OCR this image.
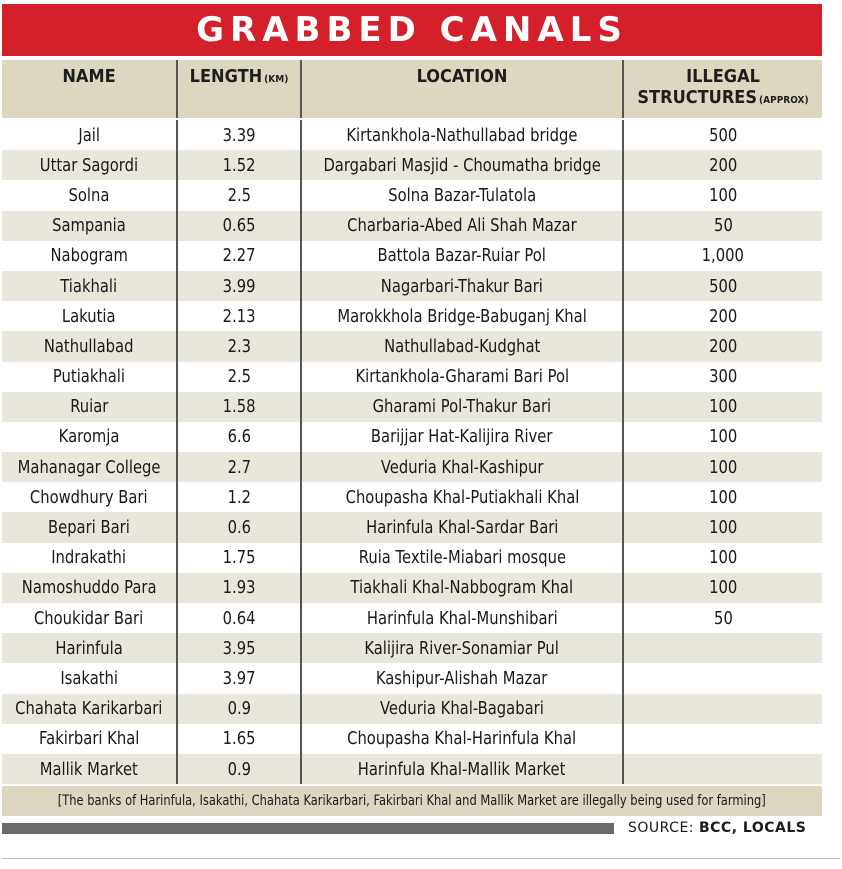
GRABBED CANALS
NAME	LENGTH (KM)	LOCATION	ILLEGAL
STRUCTURES (APPROX)
Jail	3.39	Kirtankhola-Nathullabad bridge	500
Uttar Sagordi	1.52	Dargabari Masjid - Choumatha bridge	200
Solna	2.5	Solna Bazar-Tulatola	100
Sampania	0.65	Charbaria-Abed Ali Shah Mazar	50
Nabogram	2.27	Battola Bazar-Ruiar Pol	1,000
Tiakhali	3.99	Nagarbari-Thakur Bari	500
Lakutia	2.13	Marokkhola Bridge-Babuganj Khal	200
Nathullabad	2.3	Nathullabad-Kudghat	200
Putiakhali	2.5	Kirtankhola-Gharami Bari Pol	300
Ruiar	1.58	Gharami Pol-Thakur Bari	100
Karomja	6.6	Barijjar Hat-Kalijira River	100
Mahanagar College	2.7	Veduria Khal-Kashipur	100
Chowdhury Bari	1.2	Choupasha Khal-Putiakhali Khal	100
Bepari Bari	0.6	Harinfula Khal-Sardar Bari	100
Indrakathi	1.75	Ruia Textile-Miabari mosque	100
Namoshuddo Para	1.93	Tiakhali Khal-Nabbogram Khal	100
Choukidar Bari	0.64	Harinfula Khal-Munshibari	50
Harinfula	3.95	Kalijira River-Sonamiar Pul
Isakathi	3.97	Kashipur-Alishah Mazar
Chahata Karikarbari	0.9	Veduria Khal-Bagabari
Fakirbari Khal	1.65	Choupasha Khal-Harinfula Khal
Mallik Market	0.9	Harinfula Khal-Mallik Market
[The banks of Harinfula, Isakathi, Chahata Karikarbari, Fakirbari Khal and Mallik Market are illegally being used for farming]
SOURCE: BCC, LOCALS
